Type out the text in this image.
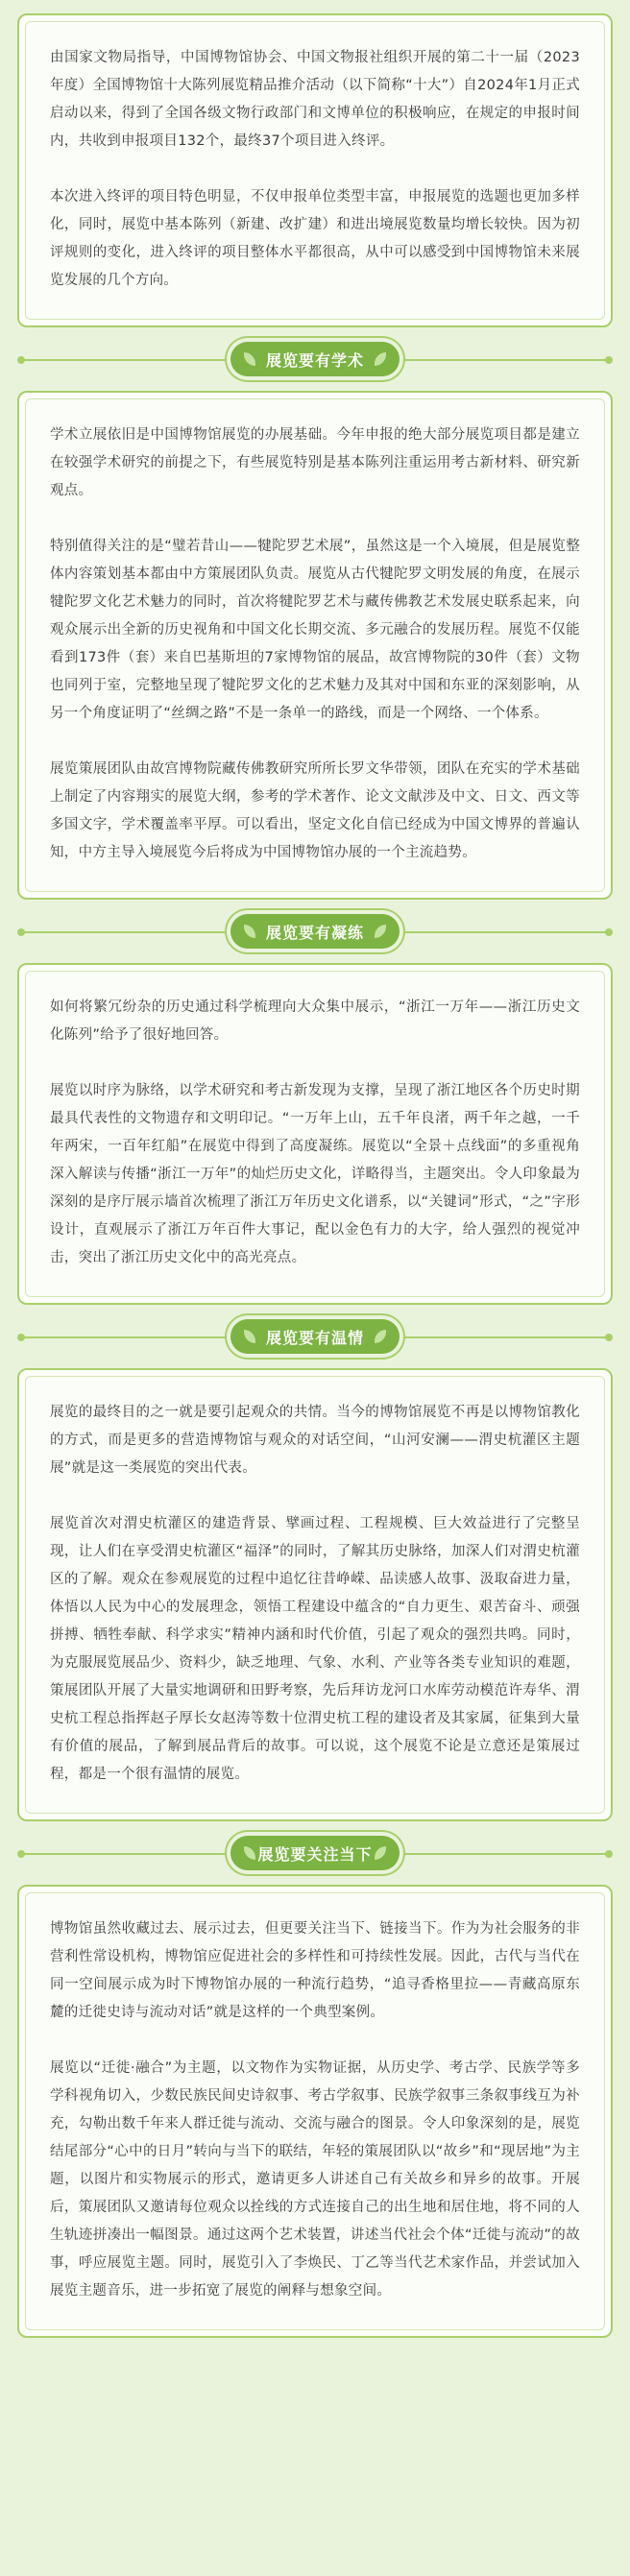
由国家文物局指导，中国博物馆协会、中国文物报社组织开展的第二十一届（2023年度）全国博物馆十大陈列展览精品推介活动（以下简称“十大”）自2024年1月正式启动以来，得到了全国各级文物行政部门和文博单位的积极响应，在规定的申报时间内，共收到申报项目132个，最终37个项目进入终评。

本次进入终评的项目特色明显，不仅申报单位类型丰富，申报展览的选题也更加多样化，同时，展览中基本陈列（新建、改扩建）和进出境展览数量均增长较快。因为初评规则的变化，进入终评的项目整体水平都很高，从中可以感受到中国博物馆未来展览发展的几个方向。

展览要有学术

学术立展依旧是中国博物馆展览的办展基础。今年申报的绝大部分展览项目都是建立在较强学术研究的前提之下，有些展览特别是基本陈列注重运用考古新材料、研究新观点。

特别值得关注的是“璧若昔山——犍陀罗艺术展”，虽然这是一个入境展，但是展览整体内容策划基本都由中方策展团队负责。展览从古代犍陀罗文明发展的角度，在展示犍陀罗文化艺术魅力的同时，首次将犍陀罗艺术与藏传佛教艺术发展史联系起来，向观众展示出全新的历史视角和中国文化长期交流、多元融合的发展历程。展览不仅能看到173件（套）来自巴基斯坦的7家博物馆的展品，故宫博物院的30件（套）文物也同列于室，完整地呈现了犍陀罗文化的艺术魅力及其对中国和东亚的深刻影响，从另一个角度证明了“丝绸之路”不是一条单一的路线，而是一个网络、一个体系。

展览策展团队由故宫博物院藏传佛教研究所所长罗文华带领，团队在充实的学术基础上制定了内容翔实的展览大纲，参考的学术著作、论文文献涉及中文、日文、西文等多国文字，学术覆盖率平厚。可以看出，坚定文化自信已经成为中国文博界的普遍认知，中方主导入境展览今后将成为中国博物馆办展的一个主流趋势。

展览要有凝练

如何将繁冗纷杂的历史通过科学梳理向大众集中展示，“浙江一万年——浙江历史文化陈列”给予了很好地回答。

展览以时序为脉络，以学术研究和考古新发现为支撑，呈现了浙江地区各个历史时期最具代表性的文物遗存和文明印记。“一万年上山，五千年良渚，两千年之越，一千年两宋，一百年红船”在展览中得到了高度凝练。展览以“全景＋点线面”的多重视角深入解读与传播“浙江一万年”的灿烂历史文化，详略得当，主题突出。令人印象最为深刻的是序厅展示墙首次梳理了浙江万年历史文化谱系，以“关键词”形式，“之”字形设计，直观展示了浙江万年百件大事记，配以金色有力的大字，给人强烈的视觉冲击，突出了浙江历史文化中的高光亮点。

展览要有温情

展览的最终目的之一就是要引起观众的共情。当今的博物馆展览不再是以博物馆教化的方式，而是更多的营造博物馆与观众的对话空间，“山河安澜——渭史杭灌区主题展”就是这一类展览的突出代表。

展览首次对渭史杭灌区的建造背景、擘画过程、工程规模、巨大效益进行了完整呈现，让人们在享受渭史杭灌区“福泽”的同时，了解其历史脉络，加深人们对渭史杭灌区的了解。观众在参观展览的过程中追忆往昔峥嵘、品读感人故事、汲取奋进力量，体悟以人民为中心的发展理念，领悟工程建设中蕴含的“自力更生、艰苦奋斗、顽强拼搏、牺牲奉献、科学求实”精神内涵和时代价值，引起了观众的强烈共鸣。同时，为克服展览展品少、资料少，缺乏地理、气象、水利、产业等各类专业知识的难题，策展团队开展了大量实地调研和田野考察，先后拜访龙河口水库劳动模范许寿华、渭史杭工程总指挥赵子厚长女赵涛等数十位渭史杭工程的建设者及其家属，征集到大量有价值的展品，了解到展品背后的故事。可以说，这个展览不论是立意还是策展过程，都是一个很有温情的展览。

展览要关注当下

博物馆虽然收藏过去、展示过去，但更要关注当下、链接当下。作为为社会服务的非营利性常设机构，博物馆应促进社会的多样性和可持续性发展。因此，古代与当代在同一空间展示成为时下博物馆办展的一种流行趋势，“追寻香格里拉——青藏高原东麓的迁徙史诗与流动对话”就是这样的一个典型案例。

展览以“迁徙·融合”为主题，以文物作为实物证据，从历史学、考古学、民族学等多学科视角切入，少数民族民间史诗叙事、考古学叙事、民族学叙事三条叙事线互为补充，勾勒出数千年来人群迁徙与流动、交流与融合的图景。令人印象深刻的是，展览结尾部分“心中的日月”转向与当下的联结，年轻的策展团队以“故乡”和“现居地”为主题，以图片和实物展示的形式，邀请更多人讲述自己有关故乡和异乡的故事。开展后，策展团队又邀请每位观众以拴线的方式连接自己的出生地和居住地，将不同的人生轨迹拼凑出一幅图景。通过这两个艺术装置，讲述当代社会个体“迁徙与流动”的故事，呼应展览主题。同时，展览引入了李焕民、丁乙等当代艺术家作品，并尝试加入展览主题音乐，进一步拓宽了展览的阐释与想象空间。
